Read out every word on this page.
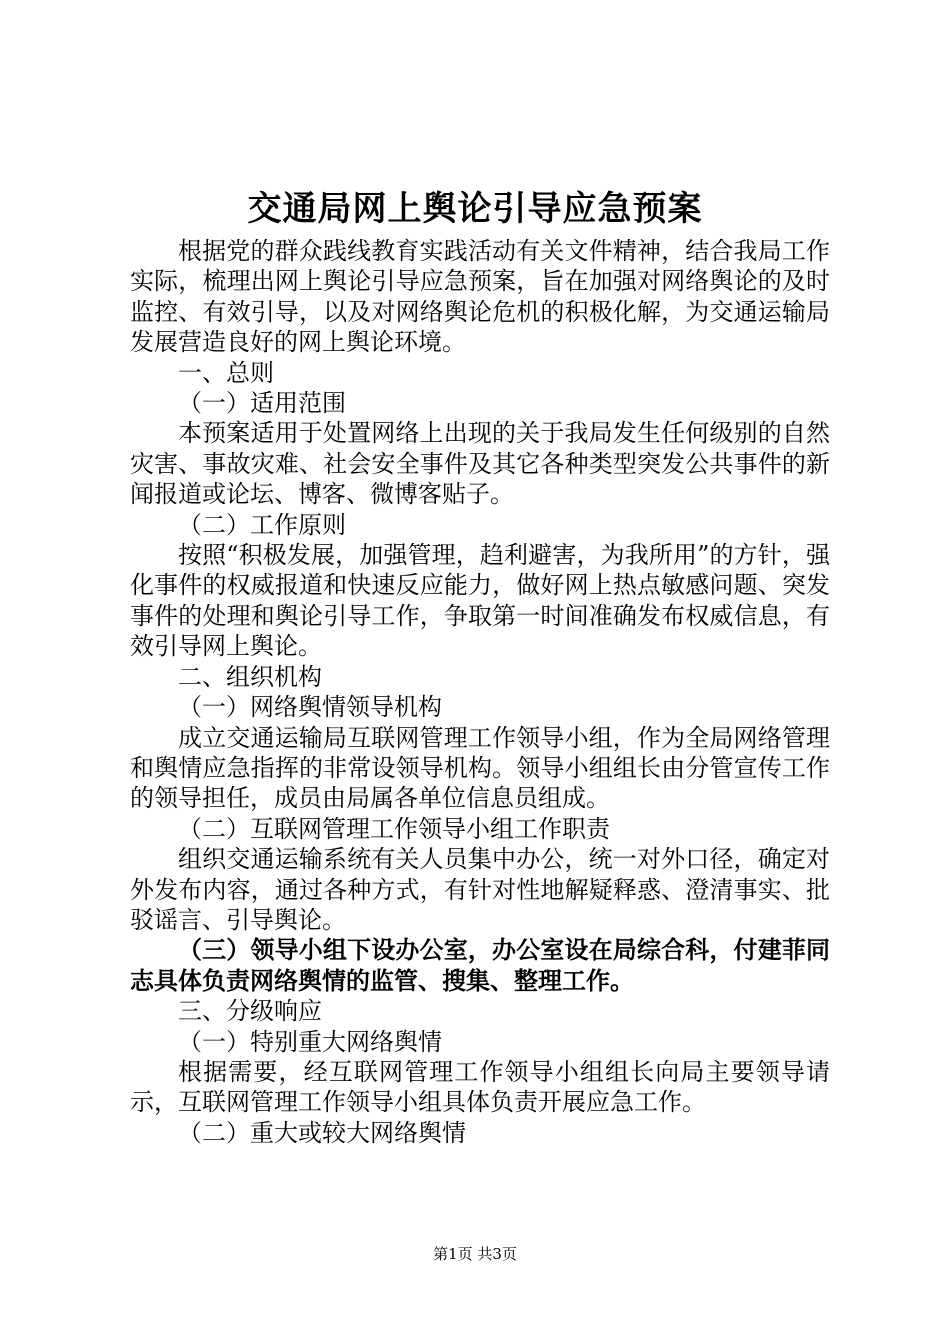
交通局网上舆论引导应急预案

根据党的群众践线教育实践活动有关文件精神，结合我局工作实际，梳理出网上舆论引导应急预案，旨在加强对网络舆论的及时监控、有效引导，以及对网络舆论危机的积极化解，为交通运输局发展营造良好的网上舆论环境。

一、总则

（一）适用范围

本预案适用于处置网络上出现的关于我局发生任何级别的自然灾害、事故灾难、社会安全事件及其它各种类型突发公共事件的新闻报道或论坛、博客、微博客贴子。

（二）工作原则

按照“积极发展，加强管理，趋利避害，为我所用”的方针，强化事件的权威报道和快速反应能力，做好网上热点敏感问题、突发事件的处理和舆论引导工作，争取第一时间准确发布权威信息，有效引导网上舆论。

二、组织机构

（一）网络舆情领导机构

成立交通运输局互联网管理工作领导小组，作为全局网络管理和舆情应急指挥的非常设领导机构。领导小组组长由分管宣传工作的领导担任，成员由局属各单位信息员组成。

（二）互联网管理工作领导小组工作职责

组织交通运输系统有关人员集中办公，统一对外口径，确定对外发布内容，通过各种方式，有针对性地解疑释惑、澄清事实、批驳谣言、引导舆论。

（三）领导小组下设办公室，办公室设在局综合科，付建菲同志具体负责网络舆情的监管、搜集、整理工作。

三、分级响应

（一）特别重大网络舆情

根据需要，经互联网管理工作领导小组组长向局主要领导请示，互联网管理工作领导小组具体负责开展应急工作。

（二）重大或较大网络舆情

第1页 共3页
